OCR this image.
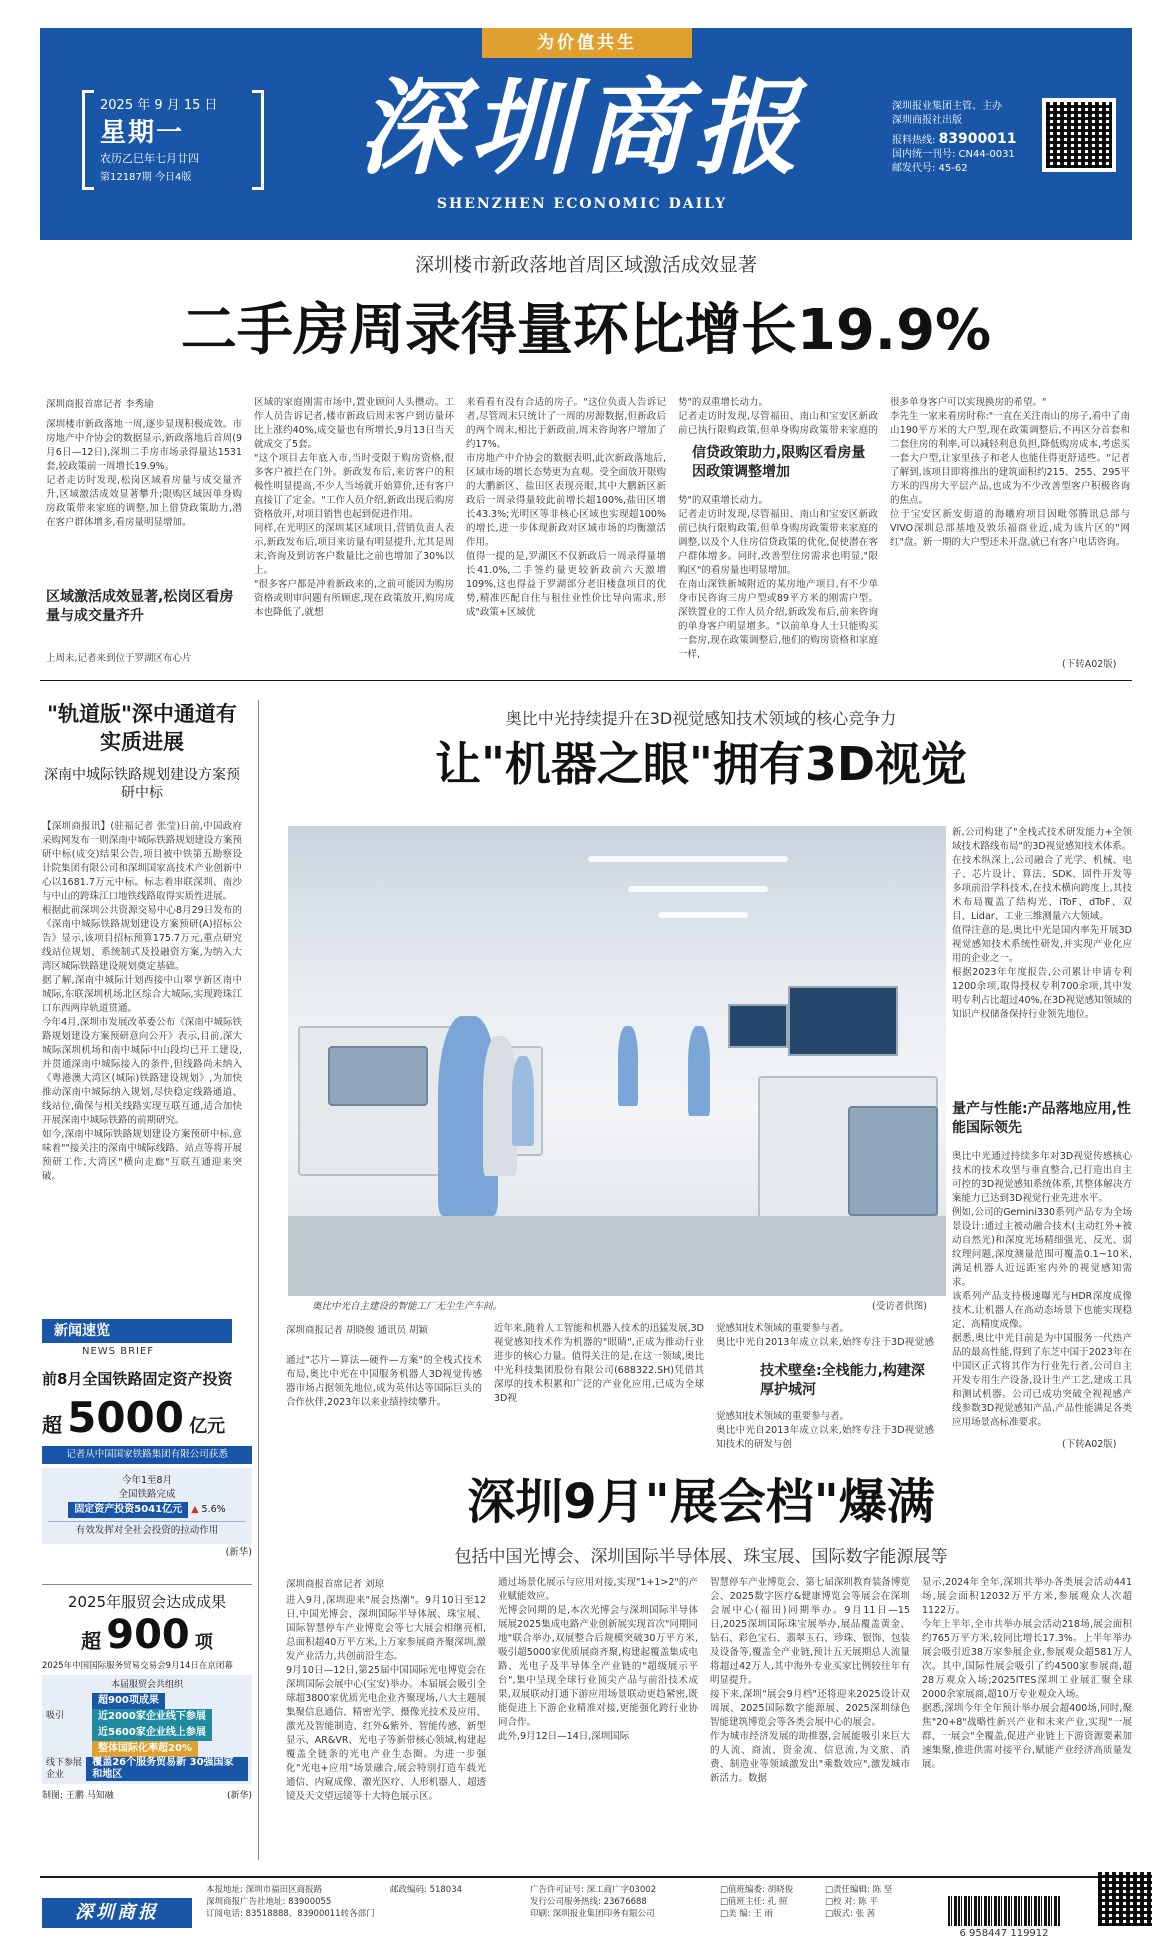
为价值共生
2025 年 9 月 15 日
星期一
农历乙巳年七月廿四
第12187期 今日4版 深圳商报
SHENZHEN ECONOMIC DAILY
深圳报业集团主管、主办
深圳商报社出版
报料热线: 83900011
国内统一刊号: CN44-0031
邮发代号: 45-62
深圳楼市新政落地首周区域激活成效显著
二手房周录得量环比增长19.9%
深圳商报首席记者 李秀瑜
深圳楼市新政落地一周,逐步显现积极成效。市房地产中介协会的数据显示,新政落地后首周(9月6日—12日),深圳二手房市场录得量达1531套,较政策前一周增长19.9%。
记者走访时发现,松岗区域看房量与成交量齐升,区域激活成效显著攀升;限购区域因单身购房政策带来家庭的调整,加上借贷政策助力,潜在客户群体增多,看房量明显增加。
区域激活成效显著,松岗区看房量与成交量齐升
上周末,记者来到位于罗湖区布心片
区域的家庭刚需市场中,置业顾问人头攒动。工作人员告诉记者,楼市新政后周末客户到访量环比上涨约40%,成交量也有所增长,9月13日当天就成交了5套。
"这个项目去年底入市,当时受限于购房资格,很多客户被拦在门外。新政发布后,来访客户的积极性明显提高,不少人当场就开始算价,还有客户直接订了定金。"工作人员介绍,新政出现后购房资格放开,对项目销售也起到促进作用。
同样,在光明区的深圳某区域项目,营销负责人表示,新政发布后,项目来访量有明显提升,尤其是周末,咨询及到访客户数量比之前也增加了30%以上。
"很多客户都是冲着新政来的,之前可能因为购房资格或则审问题有所顾虑,现在政策放开,购房成本也降低了,就想
来看看有没有合适的房子。"这位负责人告诉记者,尽管周末只统计了一周的房源数据,但新政后的两个周末,相比于新政前,周末咨询客户增加了约17%。
市房地产中介协会的数据表明,此次新政落地后,区域市场的增长态势更为直观。受全面放开限购的大鹏新区、盐田区表现亮眼,其中大鹏新区新政后一周录得量较此前增长超100%,盐田区增长43.3%;光明区等非核心区域也实现超100%的增长,进一步体现新政对区域市场的均衡激活作用。
值得一提的是,罗湖区不仅新政后一周录得量增长41.0%,二手签约量更较新政前六天激增109%,这也得益于罗湖部分老旧楼盘项目的优势,精准匹配自住与租住业性价比导向需求,形成"政策+区域优
势"的双重增长动力。
记者走访时发现,尽管福田、南山和宝安区新政前已执行限购政策,但单身购房政策带来家庭的

信贷政策助力,限购区看房量因政策调整增加
势"的双重增长动力。
记者走访时发现,尽管福田、南山和宝安区新政前已执行限购政策,但单身购房政策带来家庭的调整,以及个人住房信贷政策的优化,促使潜在客户群体增多。同时,改善型住房需求也明显,"限购区"的看房量也明显增加。
在南山深铁新城附近的某房地产项目,有不少单身市民咨询三房户型或89平方米的刚需户型。深铁置业的工作人员介绍,新政发布后,前来咨询的单身客户明显增多。"以前单身人士只能购买一套房,现在政策调整后,他们的购房资格和家庭一样,
很多单身客户可以实现换房的希望。"
李先生一家来看房时称:"一直在关注南山的房子,看中了南山190平方米的大户型,现在政策调整后,不再区分首套和二套住房的利率,可以减轻利息负担,降低购房成本,考虑买一套大户型,让家里孩子和老人也能住得更舒适些。"记者了解到,该项目即将推出的建筑面积约215、255、295平方米的四房大平层产品,也成为不少改善型客户积极咨询的焦点。
位于宝安区新安街道的海曦府项目因毗邻腾讯总部与VIVO深圳总部基地及敦乐福商业近,成为该片区的"网红"盘。新一期的大户型还未开盘,就已有客户电话咨询。
(下转A02版)
"轨道版"深中通道有实质进展
深南中城际铁路规划建设方案预研中标
【深圳商报讯】(驻福记者 张莹)日前,中国政府采购网发布一则深南中城际铁路规划建设方案预研中标(成交)结果公告,项目被中铁第五勘察设计院集团有限公司和深圳国家高技术产业创新中心以1681.7万元中标。标志着串联深圳、南沙与中山的跨珠江口地铁线路取得实质性进展。
根据此前深圳公共资源交易中心8月29日发布的《深南中城际铁路规划建设方案预研(A)招标公告》显示,该项目招标预算175.7万元,重点研究线站位规划、系统制式及投融资方案,为纳入大湾区城际铁路建设规划奠定基础。
据了解,深南中城际计划西接中山翠亨新区南中城际,东联深圳机场北区综合大城际,实现跨珠江口东西两岸轨道贯通。
今年4月,深圳市发展改革委公布《深南中城际铁路规划建设方案预研意向公开》表示,目前,深大城际深圳机场和南中城际中山段均已开工建设,并贯通深南中城际接入的条件,但线路尚未纳入《粤港澳大湾区(城际)铁路建设规划》,为加快推动深南中城际纳入规划,尽快稳定线路通道、线站位,确保与相关线路实现互联互通,适合加快开展深南中城际铁路的前期研究。
如今,深南中城际铁路规划建设方案预研中标,意味着""接关注的深南中城际线路、站点等将开展预研工作,大湾区"横向走廊"互联互通迎来突破。
新闻速览
NEWS BRIEF
前8月全国铁路固定资产投资
超 5000 亿元
记者从中国国家铁路集团有限公司获悉
今年1至8月
全国铁路完成
固定资产投资5041亿元 ▲ 5.6%
有效发挥对全社会投资的拉动作用
(新华)
2025年服贸会达成成果
超 900 项
2025年中国国际服务贸易交易会9月14日在京闭幕
本届服贸会共组织
超900项成果
吸引	近2000家企业线下参展
近5600家企业线上参展
整体国际化率超20%
线下参展企业
覆盖26个服务贸易新 30强国家和地区
制图: 王鹏 马知融	(新华)
奥比中光持续提升在3D视觉感知技术领域的核心竞争力
让"机器之眼"拥有3D视觉
奥比中光自主建设的智能工厂无尘生产车间。	(受访者供图)
深圳商报记者 胡晓俊 通讯员 胡颖
通过"芯片—算法—硬件—方案"的全栈式技术布局,奥比中光在中国服务机器人3D视觉传感器市场占据领先地位,成为英伟达等国际巨头的合作伙伴,2023年以来业绩持续攀升。
近年来,随着人工智能和机器人技术的迅猛发展,3D视觉感知技术作为机器的"眼睛",正成为推动行业进步的核心力量。值得关注的是,在这一领域,奥比中光科技集团股份有限公司(688322.SH)凭借其深厚的技术积累和广泛的产业化应用,已成为全球3D视
觉感知技术领域的重要参与者。
奥比中光自2013年成立以来,始终专注于3D视觉感
技术壁垒:全栈能力,构建深厚护城河
觉感知技术领域的重要参与者。
奥比中光自2013年成立以来,始终专注于3D视觉感知技术的研发与创
新,公司构建了"全栈式技术研发能力+全领域技术路线布局"的3D视觉感知技术体系。
在技术纵深上,公司融合了光学、机械、电子、芯片设计、算法、SDK、固件开发等多项前沿学科技术,在技术横向跨度上,其技术布局覆盖了结构光、iToF、dToF、双目、Lidar、工业三维测量六大领域。
值得注意的是,奥比中光是国内率先开展3D视觉感知技术系统性研发,并实现产业化应用的企业之一。
根据2023年年度报告,公司累计申请专利1200余项,取得授权专利700余项,其中发明专利占比超过40%,在3D视觉感知领域的知识产权储备保持行业领先地位。
量产与性能:产品落地应用,性能国际领先
奥比中光通过持续多年对3D视觉传感核心技术的技术攻坚与垂直整合,已打造出自主可控的3D视觉感知系统体系,其整体解决方案能力已达到3D视觉行业先进水平。
例如,公司的Gemini330系列产品专为全场景设计:通过主被动融合技术(主动红外+被动自然光)和深度光场精细强光、反光、弱纹理问题,深度测量范围可覆盖0.1~10米,满足机器人近远距室内外的视觉感知需求。
该系列产品支持极速曝光与HDR深度成像技术,让机器人在高动态场景下也能实现稳定、高精度成像。
据悉,奥比中光目前是为中国服务一代热产品的最高性能,得到了东芝中国于2023年在中国区正式将其作为行业先行者,公司自主开发专用生产设备,设计生产工艺,建成工具和测试机器。公司已成功突破全视视感产线参数3D视觉感知产品,产品性能满足各类应用场景高标准要求。
(下转A02版)
深圳9月"展会档"爆满
包括中国光博会、深圳国际半导体展、珠宝展、国际数字能源展等
深圳商报首席记者 刘琼
进入9月,深圳迎来"展会热潮"。9月10日至12日,中国光博会、深圳国际半导体展、珠宝展、国际智慧停车产业博览会等七大展会相继亮相,总面积超40万平方米,上万家参展商齐聚深圳,激发产业活力,共创前沿生态。
9月10日—12日,第25届中国国际光电博览会在深圳国际会展中心(宝安)举办。本届展会吸引全球超3800家优质光电企业齐聚现场,八大主题展集聚信息通信、精密光学、摄像光技术及应用、激光及智能制造、红外&紫外、智能传感、新型显示、AR&VR、光电子等新带核心领域,构建起覆盖全链条的光电产业生态圈。为进一步强化"光电+应用"场景融合,展会特别打造车载光通信、内窥成像、激光医疗、人形机器人、超透镜及天文望远镜等十大特色展示区。
通过场景化展示与应用对接,实现"1+1>2"的产业赋能效应。
光博会同期的是,本次光博会与深圳国际半导体展展2025集成电路产业创新展实现首次"同期同地"联合举办,双展整合后规模突破30万平方米,吸引超5000家优质展商齐聚,构建起覆盖集成电路、光电子及半导体全产业链的"超级展示平台",集中呈现全球行业顶尖产品与前沿技术成果,双展联动打通下游应用场景联动更趋紧密,既能促进上下游企业精准对接,更能强化跨行业协同合作。
此外,9月12日—14日,深圳国际
智慧停车产业博览会、第七届深圳教育装备博览会、2025数字医疗&健康博览会等展会在深圳会展中心(福田)同期举办。9月11日—15日,2025深圳国际珠宝展举办,展品覆盖黄金、钻石、彩色宝石、翡翠玉石、珍珠、银饰、包装及设备等,覆盖全产业链,预计五天展期总人流量将超过42万人,其中海外专业买家比例较往年有明显提升。
接下来,深圳"展会9月档"还将迎来2025设计双周展、2025国际数字能源展、2025深圳绿色智能建筑博览会等各类会展中心的展会。
作为城市经济发展的助推器,会展能吸引来巨大的人流、商流、资金流、信息流,为文旅、消费、制造业等领域激发出"乘数效应",激发城市新活力。数据
显示,2024年全年,深圳共举办各类展会活动441场,展会面积12032万平方米,参展观众人次超1122万。
今年上半年,全市共举办展会活动218场,展会面积约765万平方米,较同比增长17.3%。上半年举办展会吸引近38万家参展企业,参展观众超581万人次。其中,国际性展会吸引了约4500家参展商,超28万观众入场;2025ITES深圳工业展汇聚全球2000余家展商,超10万专业观众入场。
据悉,深圳今年全年预计举办展会超400场,同时,聚焦"20+8"战略性新兴产业和未来产业,实现"一展群、一展会"全覆盖,促进产业链上下游资源要素加速集聚,推进供需对接平台,赋能产业经济高质量发展。
深圳商报
本报地址: 深圳市福田区商报路
深圳商报广告社地址: 83900055
订阅电话: 83518888、83900011转各部门
邮政编码: 518034	广告许可证号: 深工商广字03002
发行公司服务热线: 23676688
印刷: 深圳报业集团印务有限公司
□值班编委: 胡晓俊	□责任编辑: 陈 坚
□值班主任: 孔 照	□校 对: 陈 平
□美 编: 王 雨	□版式: 张 茜
6 958447 119912
